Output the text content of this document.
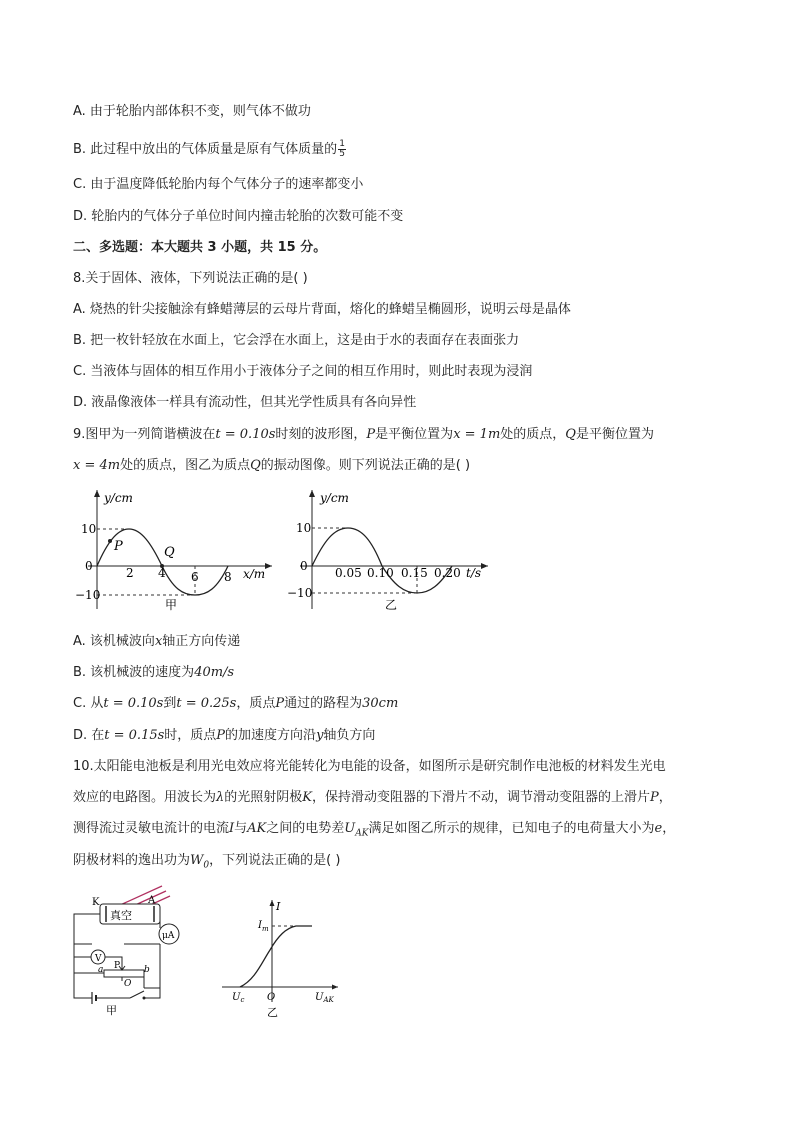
A. 由于轮胎内部体积不变，则气体不做功
B. 此过程中放出的气体质量是原有气体质量的 $\frac{1}{5}$
C. 由于温度降低轮胎内每个气体分子的速率都变小
D. 轮胎内的气体分子单位时间内撞击轮胎的次数可能不变
二、多选题：本大题共 3 小题，共 15 分。
8.关于固体、液体，下列说法正确的是( )
A. 烧热的针尖接触涂有蜂蜡薄层的云母片背面，熔化的蜂蜡呈椭圆形，说明云母是晶体
B. 把一枚针轻放在水面上，它会浮在水面上，这是由于水的表面存在表面张力
C. 当液体与固体的相互作用小于液体分子之间的相互作用时，则此时表现为浸润
D. 液晶像液体一样具有流动性，但其光学性质具有各向异性
9.图甲为一列简谐横波在t = 0.10s时刻的波形图，P是平衡位置为x = 1m处的质点，Q是平衡位置为
x = 4m处的质点，图乙为质点Q的振动图像。则下列说法正确的是( )
y/cm
x/m
2 4 6 8
10
0
−10
P	Q
甲
y/cm
t/s
0.05 0.10 0.15 0.20
10
0
−10
乙
A. 该机械波向x轴正方向传递
B. 该机械波的速度为40m/s
C. 从t = 0.10s到t = 0.25s，质点P通过的路程为30cm
D. 在t = 0.15s时，质点P的加速度方向沿y轴负方向
10.太阳能电池板是利用光电效应将光能转化为电能的设备，如图所示是研究制作电池板的材料发生光电
效应的电路图。用波长为λ的光照射阴极K，保持滑动变阻器的下滑片不动，调节滑动变阻器的上滑片P，
测得流过灵敏电流计的电流I与AK之间的电势差$U_{AK}$满足如图乙所示的规律，已知电子的电荷量大小为e，
阴极材料的逸出功为$W_0$，下列说法正确的是( )
真空
K	A
μA
V
P
a	b
O
甲
I
$I_m$
$U_c$ O	$U_{AK}$
乙
